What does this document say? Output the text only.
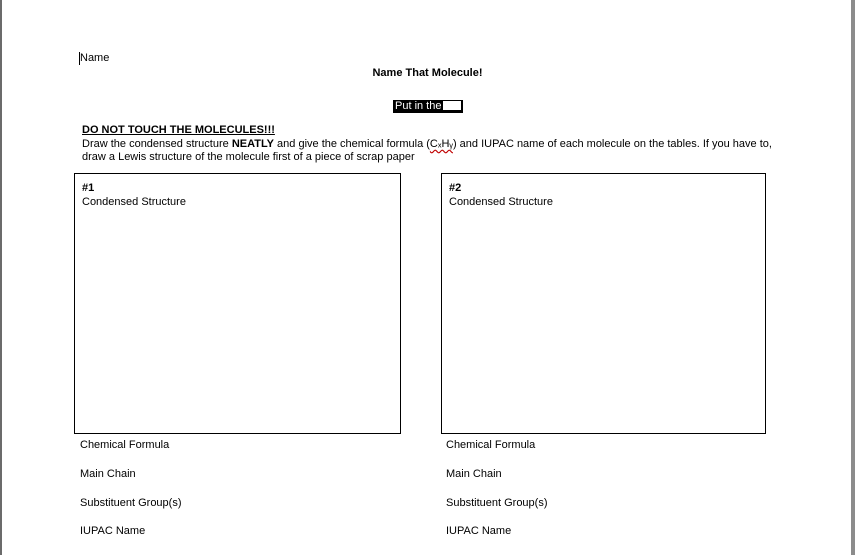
Name
Name That Molecule!
Put in the
DO NOT TOUCH THE MOLECULES!!!
Draw the condensed structure NEATLY and give the chemical formula (CₓHᵧ) and IUPAC name of each molecule on the tables. If you have to, draw a Lewis structure of the molecule first of a piece of scrap paper
#1
Condensed Structure
#2
Condensed Structure
Chemical Formula
Main Chain
Substituent Group(s)
IUPAC Name
Chemical Formula
Main Chain
Substituent Group(s)
IUPAC Name
